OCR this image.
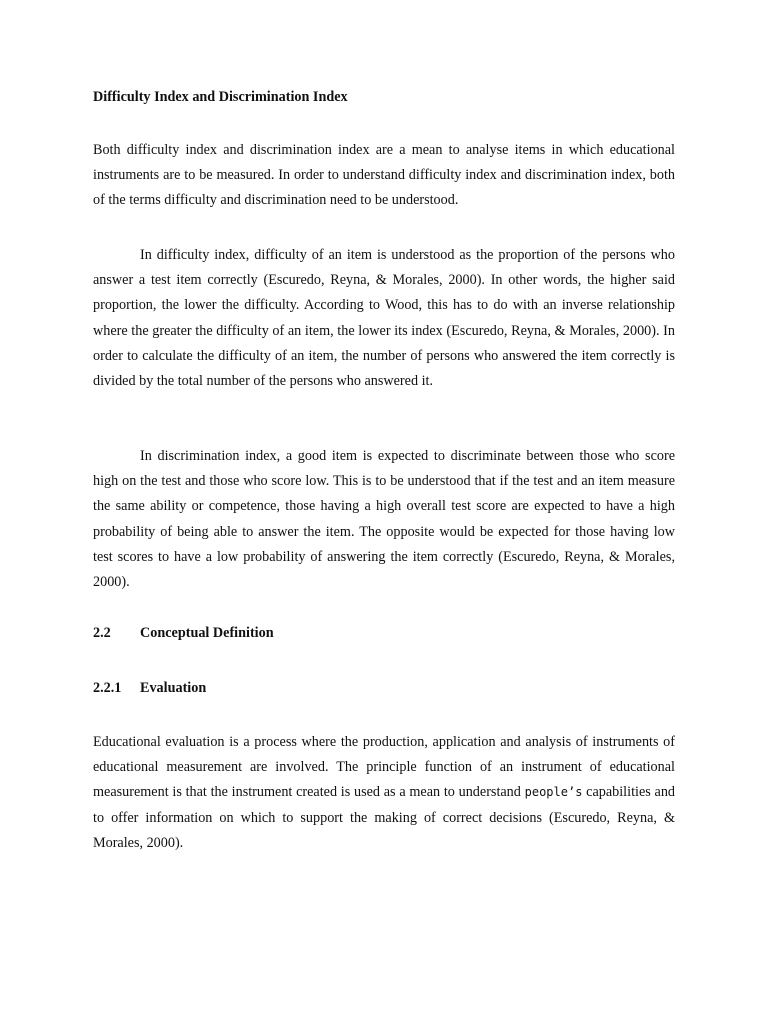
Difficulty Index and Discrimination Index

Both difficulty index and discrimination index are a mean to analyse items in which educational instruments are to be measured. In order to understand difficulty index and discrimination index, both of the terms difficulty and discrimination need to be understood.

In difficulty index, difficulty of an item is understood as the proportion of the persons who answer a test item correctly (Escuredo, Reyna, & Morales, 2000). In other words, the higher said proportion, the lower the difficulty. According to Wood, this has to do with an inverse relationship where the greater the difficulty of an item, the lower its index (Escuredo, Reyna, & Morales, 2000). In order to calculate the difficulty of an item, the number of persons who answered the item correctly is divided by the total number of the persons who answered it.

In discrimination index, a good item is expected to discriminate between those who score high on the test and those who score low. This is to be understood that if the test and an item measure the same ability or competence, those having a high overall test score are expected to have a high probability of being able to answer the item. The opposite would be expected for those having low test scores to have a low probability of answering the item correctly (Escuredo, Reyna, & Morales, 2000).

2.2 Conceptual Definition
2.2.1 Evaluation

Educational evaluation is a process where the production, application and analysis of instruments of educational measurement are involved. The principle function of an instrument of educational measurement is that the instrument created is used as a mean to understand people’s capabilities and to offer information on which to support the making of correct decisions (Escuredo, Reyna, & Morales, 2000).
